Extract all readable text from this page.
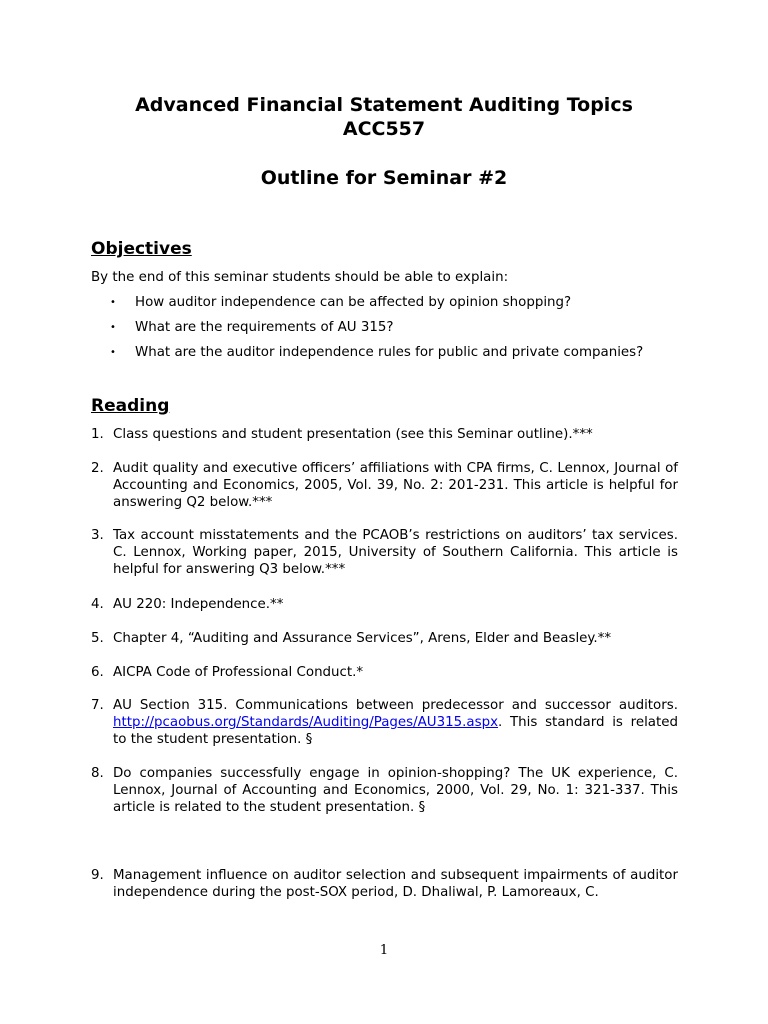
Advanced Financial Statement Auditing Topics
ACC557
Outline for Seminar #2
Objectives
By the end of this seminar students should be able to explain:
• How auditor independence can be affected by opinion shopping?
• What are the requirements of AU 315?
• What are the auditor independence rules for public and private companies?
Reading
1. Class questions and student presentation (see this Seminar outline).***
2. Audit quality and executive officers’ affiliations with CPA firms, C. Lennox, Journal of Accounting and Economics, 2005, Vol. 39, No. 2: 201-231. This article is helpful for answering Q2 below.***
3. Tax account misstatements and the PCAOB’s restrictions on auditors’ tax services. C. Lennox, Working paper, 2015, University of Southern California. This article is helpful for answering Q3 below.***
4. AU 220: Independence.**
5. Chapter 4, “Auditing and Assurance Services”, Arens, Elder and Beasley.**
6. AICPA Code of Professional Conduct.*
7. AU Section 315. Communications between predecessor and successor auditors. http://pcaobus.org/Standards/Auditing/Pages/AU315.aspx. This standard is related to the student presentation. §
8. Do companies successfully engage in opinion-shopping? The UK experience, C. Lennox, Journal of Accounting and Economics, 2000, Vol. 29, No. 1: 321-337. This article is related to the student presentation. §
9. Management influence on auditor selection and subsequent impairments of auditor independence during the post-SOX period, D. Dhaliwal, P. Lamoreaux, C.
1
